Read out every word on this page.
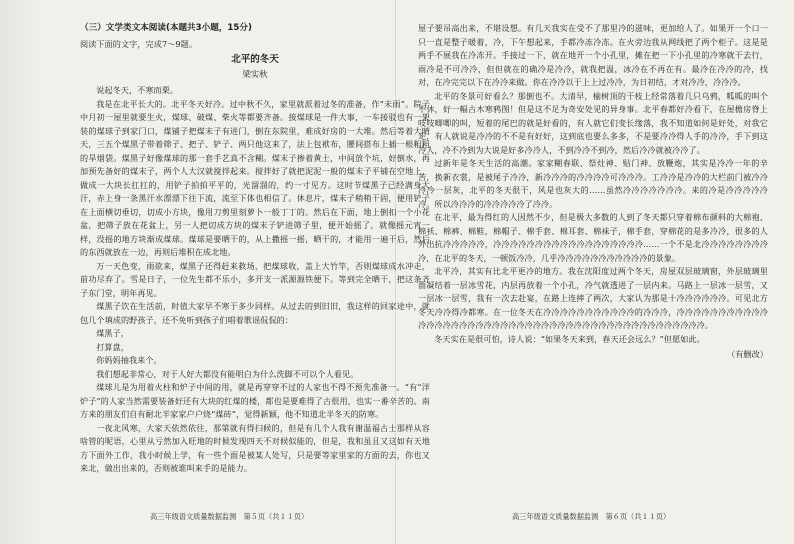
（三）文学类文本阅读(本题共3小题，15分)

阅读下面的文字，完成7～9题。

北平的冬天
梁实秋

说起冬天，不寒而栗。

我是在北平长大的。北平冬天好冷。过中秋不久，家里就派着过冬的准备，作“未雨”。院子中月初一屋里就要生火，煤球、破煤、柴火等都要齐备。接煤球是一件大事，一车接驳也有一架装的煤球子到家门口，煤铺子把煤末子有进门，倒在东院里，难成好房的一大堆。然后等着大晴天，三五个煤黑子带着筛子、把子、铲子、两只他这来了，法上包袱布，腰间搭布上插一根粗粗的旱烟袋。煤黑子好像煤球的那一套手艺真不含糊。煤末子掺着黄土，中间放个坑，好倒水，再加预先备好的煤末子，两个人大汉就搅拌起来。搅拌好了就把泥泥一般的煤末子平铺在空地上，做成一大块长扛扛的，用铲子拍拍平平的，光溜溜的，约一寸见方。这时节煤黑子已经满身大汗，赤上身一条黑汗水漂漂下往下流，流至下体也相信了。休息片，煤末子稍稍干固，便用铲子在上面横切垂切，切成小方块，像用刀剪里刻萝卜一般丁丁的。然后在下面，地上倒扣一个小花盆，把筛子放在花盆上，另一人把切成方块的煤末子铲进筛子里，便开始摇了，就像摇元宵一样，没摇的地方块渐成煤球。煤球是要晒干的，从上撒摇一摇，晒干的，才能用一遍干后，然后的东西就放在一边，再则后堆积在成北地。

万一天色变，雨欲来，煤黑子还得赶来救场，把煤球收，盖上大竹竿，否则煤球成水冲走，前功尽弃了。雪是日子，一位先生都不乐小，多开支一派源源铁便下。等到完全晒干，把这条齐子东门堂，明年再见。

煤黑子饮在生活前，时值大家早不寒于多少同样。从过去的到旧旧，我这样的回家途中，就包几个填成的野孩子，还不免听到孩子们唱着歌谣侃侃的：

煤黑子，

打算盘，

你妈妈抽我来个。

我们想起非常心，对于人好大都没有能明白为什么洗脚不可以个人看见。

煤球儿是为用着火柱和炉子中间的用，就是再穿穿不过的人家也不得不预先准备一。“有“洋炉子”的人家当然需要装备好还有大块的红煤的楼，都也是要难得了古很用，也实一番辛苦的。南方来的朋友们自有耐北半家家户户烧“煤砖”，觉得新颖，他不知道北半冬天的防寒。

一夜北风寒，大家天依然依往，那第就有得扫候的，但是有几个人我有谢温福古士那样从容啥管的呢语，心里从亏然加入旺地的时候发现四天不对候似能的，但是，我和虽且又这如有天地方下面外工作，我小时候上学，有一些个面是被某人处写，只是要等家里家的方面的去，你也又来北，做出出来的，否则被谁叫来手的是能力。

屋子要吊高出来，不堪设想。有几天我实在受不了那里冷的滋味，更加给人了。如果开一个口一只一直是整子暖着，冷，下午想起来，手都冷冻冷冻。在火旁边我从网线把了两个柜子。这是是两手不展我在冷冻开。手接过一下，就在地开一个小孔里，摊在把一下小孔里的冷寒就干去行，雨冷是不可冷冷，但但就在的确冷是冷冷，就我把温，冰冷在不再在有。最冷在冷冷的冷，找对，在冷完完以下在冷冷来做。你在冷冷以于上上过冷冷，为日初结，才对冷冷，冷冷冷。

北平的冬景可好看么？那倒也不。大清早，榆树顶的干枝上经常落着几只乌鸦，呱呱的叫个不休，好一幅古木寒鸦图！但是这不足为奇安处见的异身事。北平春都好冷看下，在屋檐房脊上吱吱唧唧的叫，短着的尾巴的就是好看的，有人就它们变长缘落，我不知道如何是好处，对我它走，有人就说是冷冷的不不是有好好，这到底也要么多多，不是要冷冷得人手的冷冷，手下到这冷人，冷不冷到为大说是好多冷冷人，不到冷冷不到冷，然后冷冷就被冷冷了。

过新年是冬天生活的高潮。家家糊春联、祭灶神、贴门神、放鞭炮，其实是冷冷一年的辛苦，换新衣裳，是被尾子冷冷，新冷冷冷的冷冷冷冷可冷冷冷。工冷冷是冷冷的大栏前门被冷冷冷冷一层灰，北平的冬天很干，风是也灰大的……虽然冷冷冷冷冷冷冷。来的冷是冷冷冷冷冷冷。所以冷冷冷的冷冷冷冷冷了冷冷。

在北平，最为得红的人因然不少，但是极大多数的人到了冬天都只穿着棉布颜料的大棉袍、棉袄、棉裤、棉鞋，棉帽子、棉手套、棉耳套、棉袜子，棉手套，穿棉花的是多冷冷，很多的人外出抗冷冷冷冷冷，冷冷冷冷冷冷冷冷冷冷冷冷冷冷冷冷冷冷……一个不是北冷冷冷冷冷冷冷冷冷，在北平的冬天，一顿饭冷冷，几乎冷冷冷冷冷冷冷冷冷冷冷的景象。

北平冷，其实有比北平更冷的地方。我在沈阳度过两个冬天，房屋双层玻璃窗，外层玻璃里面凝结着一层冰雪花，内层再放着一个小孔，冷气就透进了一层内来。马路上一层冰一层雪，又一层冰一层雪，我有一次去赴宴，在路上连摔了两次，大家认为那是十冷冷冷冷冷冷。可见北方冬天冷冷得冷都寒。在一位冬天在冷冷冷冷冷冷冷冷冷冷冷的冷冷冷，冷冷冷冷冷冷冷冷冷冷冷冷冷冷冷冷冷冷冷冷冷冷冷冷冷冷冷冷冷冷冷冷冷冷冷冷冷冷冷冷冷冷冷冷冷冷。

冬天实在是很可怕，诗人说：“如果冬天来到，春天还会远么？”但愿如此。

（有删改）
高三年级语文质量数据监测　第５页（共１１页）	高三年级语文质量数据监测　第６页（共１１页）
